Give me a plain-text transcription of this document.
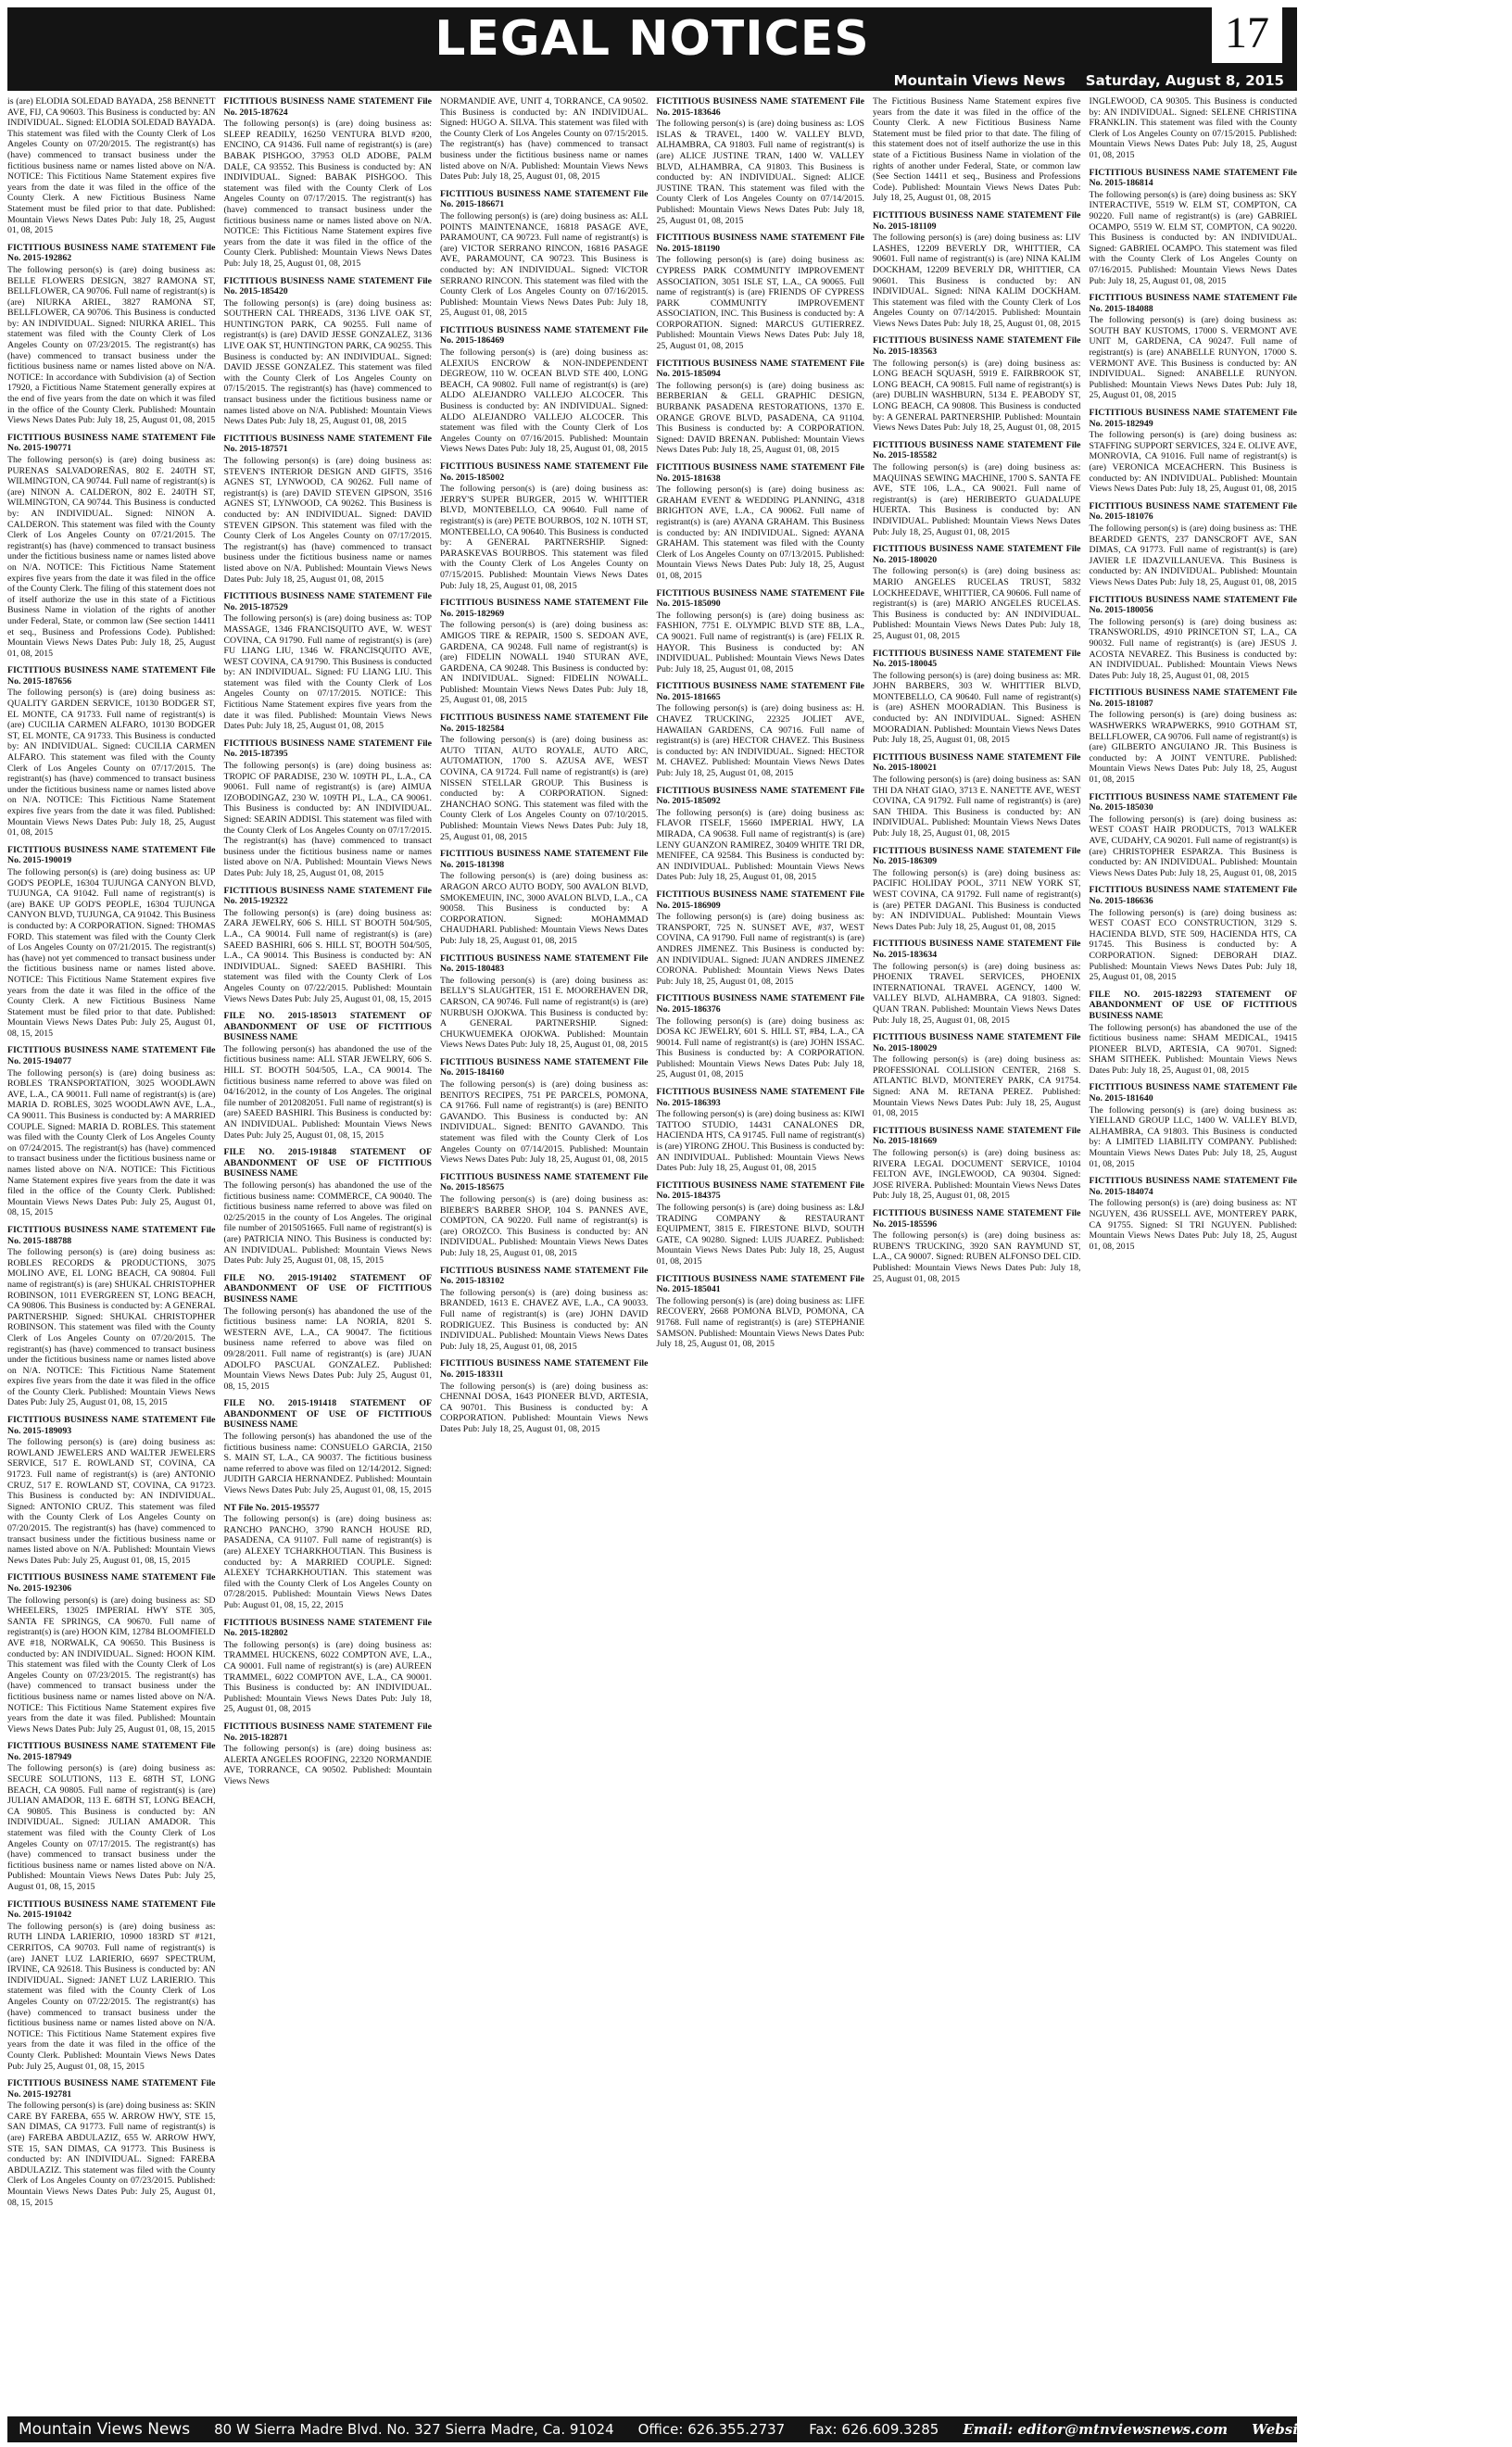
LEGAL NOTICES	17
Mountain Views News Saturday, August 8, 2015
is (are) ELODIA SOLEDAD BAYADA, 258 BENNETT AVE, FIJ, CA 90603. This Business is conducted by: AN INDIVIDUAL. Signed: ELODIA SOLEDAD BAYADA. This statement was filed with the County Clerk of Los Angeles County on 07/20/2015. The registrant(s) has (have) commenced to transact business under the fictitious business name or names listed above on N/A. NOTICE: This Fictitious Name Statement expires five years from the date it was filed in the office of the County Clerk. A new Fictitious Business Name Statement must be filed prior to that date. Published: Mountain Views News Dates Pub: July 18, 25, August 01, 08, 2015
FICTITIOUS BUSINESS NAME STATEMENT File No. 2015-192862
The following person(s) is (are) doing business as: BELLE FLOWERS DESIGN, 3827 RAMONA ST, BELLFLOWER, CA 90706. Full name of registrant(s) is (are) NIURKA ARIEL, 3827 RAMONA ST, BELLFLOWER, CA 90706. This Business is conducted by: AN INDIVIDUAL. Signed: NIURKA ARIEL. This statement was filed with the County Clerk of Los Angeles County on 07/23/2015. The registrant(s) has (have) commenced to transact business under the fictitious business name or names listed above on N/A. NOTICE: In accordance with Subdivision (a) of Section 17920, a Fictitious Name Statement generally expires at the end of five years from the date on which it was filed in the office of the County Clerk. Published: Mountain Views News Dates Pub: July 18, 25, August 01, 08, 2015
FICTITIOUS BUSINESS NAME STATEMENT File No. 2015-190771
The following person(s) is (are) doing business as: PURENAS SALVADOREÑAS, 802 E. 240TH ST, WILMINGTON, CA 90744. Full name of registrant(s) is (are) NINON A. CALDERON, 802 E. 240TH ST, WILMINGTON, CA 90744. This Business is conducted by: AN INDIVIDUAL. Signed: NINON A. CALDERON. This statement was filed with the County Clerk of Los Angeles County on 07/21/2015. The registrant(s) has (have) commenced to transact business under the fictitious business name or names listed above on N/A. NOTICE: This Fictitious Name Statement expires five years from the date it was filed in the office of the County Clerk. The filing of this statement does not of itself authorize the use in this state of a Fictitious Business Name in violation of the rights of another under Federal, State, or common law (See section 14411 et seq., Business and Professions Code). Published: Mountain Views News Dates Pub: July 18, 25, August 01, 08, 2015
FICTITIOUS BUSINESS NAME STATEMENT File No. 2015-187656
The following person(s) is (are) doing business as: QUALITY GARDEN SERVICE, 10130 BODGER ST, EL MONTE, CA 91733. Full name of registrant(s) is (are) CUCILIA CARMEN ALFARO, 10130 BODGER ST, EL MONTE, CA 91733. This Business is conducted by: AN INDIVIDUAL. Signed: CUCILIA CARMEN ALFARO. This statement was filed with the County Clerk of Los Angeles County on 07/17/2015. The registrant(s) has (have) commenced to transact business under the fictitious business name or names listed above on N/A. NOTICE: This Fictitious Name Statement expires five years from the date it was filed. Published: Mountain Views News Dates Pub: July 18, 25, August 01, 08, 2015
FICTITIOUS BUSINESS NAME STATEMENT File No. 2015-190019
The following person(s) is (are) doing business as: UP GOD'S PEOPLE, 16304 TUJUNGA CANYON BLVD, TUJUNGA, CA 91042. Full name of registrant(s) is (are) BAKE UP GOD'S PEOPLE, 16304 TUJUNGA CANYON BLVD, TUJUNGA, CA 91042. This Business is conducted by: A CORPORATION. Signed: THOMAS FORD. This statement was filed with the County Clerk of Los Angeles County on 07/21/2015. The registrant(s) has (have) not yet commenced to transact business under the fictitious business name or names listed above. NOTICE: This Fictitious Name Statement expires five years from the date it was filed in the office of the County Clerk. A new Fictitious Business Name Statement must be filed prior to that date. Published: Mountain Views News Dates Pub: July 25, August 01, 08, 15, 2015
FICTITIOUS BUSINESS NAME STATEMENT File No. 2015-194077
The following person(s) is (are) doing business as: ROBLES TRANSPORTATION, 3025 WOODLAWN AVE, L.A., CA 90011. Full name of registrant(s) is (are) MARIA D. ROBLES, 3025 WOODLAWN AVE, L.A., CA 90011. This Business is conducted by: A MARRIED COUPLE. Signed: MARIA D. ROBLES. This statement was filed with the County Clerk of Los Angeles County on 07/24/2015. The registrant(s) has (have) commenced to transact business under the fictitious business name or names listed above on N/A. NOTICE: This Fictitious Name Statement expires five years from the date it was filed in the office of the County Clerk. Published: Mountain Views News Dates Pub: July 25, August 01, 08, 15, 2015
FICTITIOUS BUSINESS NAME STATEMENT File No. 2015-188788
The following person(s) is (are) doing business as: ROBLES RECORDS & PRODUCTIONS, 3075 MOLINO AVE, EL LONG BEACH, CA 90804. Full name of registrant(s) is (are) SHUKAL CHRISTOPHER ROBINSON, 1011 EVERGREEN ST, LONG BEACH, CA 90806. This Business is conducted by: A GENERAL PARTNERSHIP. Signed: SHUKAL CHRISTOPHER ROBINSON. This statement was filed with the County Clerk of Los Angeles County on 07/20/2015. The registrant(s) has (have) commenced to transact business under the fictitious business name or names listed above on N/A. NOTICE: This Fictitious Name Statement expires five years from the date it was filed in the office of the County Clerk. Published: Mountain Views News Dates Pub: July 25, August 01, 08, 15, 2015
FICTITIOUS BUSINESS NAME STATEMENT File No. 2015-189093
The following person(s) is (are) doing business as: ROWLAND JEWELERS AND WALTER JEWELERS SERVICE, 517 E. ROWLAND ST, COVINA, CA 91723. Full name of registrant(s) is (are) ANTONIO CRUZ, 517 E. ROWLAND ST, COVINA, CA 91723. This Business is conducted by: AN INDIVIDUAL. Signed: ANTONIO CRUZ. This statement was filed with the County Clerk of Los Angeles County on 07/20/2015. The registrant(s) has (have) commenced to transact business under the fictitious business name or names listed above on N/A. Published: Mountain Views News Dates Pub: July 25, August 01, 08, 15, 2015
FICTITIOUS BUSINESS NAME STATEMENT File No. 2015-192306
The following person(s) is (are) doing business as: SD WHEELERS, 13025 IMPERIAL HWY STE 305, SANTA FE SPRINGS, CA 90670. Full name of registrant(s) is (are) HOON KIM, 12784 BLOOMFIELD AVE #18, NORWALK, CA 90650. This Business is conducted by: AN INDIVIDUAL. Signed: HOON KIM. This statement was filed with the County Clerk of Los Angeles County on 07/23/2015. The registrant(s) has (have) commenced to transact business under the fictitious business name or names listed above on N/A. NOTICE: This Fictitious Name Statement expires five years from the date it was filed. Published: Mountain Views News Dates Pub: July 25, August 01, 08, 15, 2015
FICTITIOUS BUSINESS NAME STATEMENT File No. 2015-187949
The following person(s) is (are) doing business as: SECURE SOLUTIONS, 113 E. 68TH ST, LONG BEACH, CA 90805. Full name of registrant(s) is (are) JULIAN AMADOR, 113 E. 68TH ST, LONG BEACH, CA 90805. This Business is conducted by: AN INDIVIDUAL. Signed: JULIAN AMADOR. This statement was filed with the County Clerk of Los Angeles County on 07/17/2015. The registrant(s) has (have) commenced to transact business under the fictitious business name or names listed above on N/A. Published: Mountain Views News Dates Pub: July 25, August 01, 08, 15, 2015
FICTITIOUS BUSINESS NAME STATEMENT File No. 2015-191042
The following person(s) is (are) doing business as: RUTH LINDA LARIERIO, 10900 183RD ST #121, CERRITOS, CA 90703. Full name of registrant(s) is (are) JANET LUZ LARIERIO, 6697 SPECTRUM, IRVINE, CA 92618. This Business is conducted by: AN INDIVIDUAL. Signed: JANET LUZ LARIERIO. This statement was filed with the County Clerk of Los Angeles County on 07/22/2015. The registrant(s) has (have) commenced to transact business under the fictitious business name or names listed above on N/A. NOTICE: This Fictitious Name Statement expires five years from the date it was filed in the office of the County Clerk. Published: Mountain Views News Dates Pub: July 25, August 01, 08, 15, 2015
FICTITIOUS BUSINESS NAME STATEMENT File No. 2015-192781
The following person(s) is (are) doing business as: SKIN CARE BY FAREBA, 655 W. ARROW HWY, STE 15, SAN DIMAS, CA 91773. Full name of registrant(s) is (are) FAREBA ABDULAZIZ, 655 W. ARROW HWY, STE 15, SAN DIMAS, CA 91773. This Business is conducted by: AN INDIVIDUAL. Signed: FAREBA ABDULAZIZ. This statement was filed with the County Clerk of Los Angeles County on 07/23/2015. Published: Mountain Views News Dates Pub: July 25, August 01, 08, 15, 2015
FICTITIOUS BUSINESS NAME STATEMENT File No. 2015-187624
The following person(s) is (are) doing business as: SLEEP READILY, 16250 VENTURA BLVD #200, ENCINO, CA 91436. Full name of registrant(s) is (are) BABAK PISHGOO, 37953 OLD ADOBE, PALM DALE, CA 93552. This Business is conducted by: AN INDIVIDUAL. Signed: BABAK PISHGOO. This statement was filed with the County Clerk of Los Angeles County on 07/17/2015. The registrant(s) has (have) commenced to transact business under the fictitious business name or names listed above on N/A. NOTICE: This Fictitious Name Statement expires five years from the date it was filed in the office of the County Clerk. Published: Mountain Views News Dates Pub: July 18, 25, August 01, 08, 2015
FICTITIOUS BUSINESS NAME STATEMENT File No. 2015-185420
The following person(s) is (are) doing business as: SOUTHERN CAL THREADS, 3136 LIVE OAK ST, HUNTINGTON PARK, CA 90255. Full name of registrant(s) is (are) DAVID JESSE GONZALEZ, 3136 LIVE OAK ST, HUNTINGTON PARK, CA 90255. This Business is conducted by: AN INDIVIDUAL. Signed: DAVID JESSE GONZALEZ. This statement was filed with the County Clerk of Los Angeles County on 07/15/2015. The registrant(s) has (have) commenced to transact business under the fictitious business name or names listed above on N/A. Published: Mountain Views News Dates Pub: July 18, 25, August 01, 08, 2015
FICTITIOUS BUSINESS NAME STATEMENT File No. 2015-187571
The following person(s) is (are) doing business as: STEVEN'S INTERIOR DESIGN AND GIFTS, 3516 AGNES ST, LYNWOOD, CA 90262. Full name of registrant(s) is (are) DAVID STEVEN GIPSON, 3516 AGNES ST, LYNWOOD, CA 90262. This Business is conducted by: AN INDIVIDUAL. Signed: DAVID STEVEN GIPSON. This statement was filed with the County Clerk of Los Angeles County on 07/17/2015. The registrant(s) has (have) commenced to transact business under the fictitious business name or names listed above on N/A. Published: Mountain Views News Dates Pub: July 18, 25, August 01, 08, 2015
FICTITIOUS BUSINESS NAME STATEMENT File No. 2015-187529
The following person(s) is (are) doing business as: TOP MASSAGE, 1346 FRANCISQUITO AVE, W. WEST COVINA, CA 91790. Full name of registrant(s) is (are) FU LIANG LIU, 1346 W. FRANCISQUITO AVE, WEST COVINA, CA 91790. This Business is conducted by: AN INDIVIDUAL. Signed: FU LIANG LIU. This statement was filed with the County Clerk of Los Angeles County on 07/17/2015. NOTICE: This Fictitious Name Statement expires five years from the date it was filed. Published: Mountain Views News Dates Pub: July 18, 25, August 01, 08, 2015
FICTITIOUS BUSINESS NAME STATEMENT File No. 2015-187395
The following person(s) is (are) doing business as: TROPIC OF PARADISE, 230 W. 109TH PL, L.A., CA 90061. Full name of registrant(s) is (are) AIMUA IZOBODINGAZ, 230 W. 109TH PL, L.A., CA 90061. This Business is conducted by: AN INDIVIDUAL. Signed: SEARIN ADDISI. This statement was filed with the County Clerk of Los Angeles County on 07/17/2015. The registrant(s) has (have) commenced to transact business under the fictitious business name or names listed above on N/A. Published: Mountain Views News Dates Pub: July 18, 25, August 01, 08, 2015
FICTITIOUS BUSINESS NAME STATEMENT File No. 2015-192322
The following person(s) is (are) doing business as: ZARA JEWELRY, 606 S. HILL ST BOOTH 504/505, L.A., CA 90014. Full name of registrant(s) is (are) SAEED BASHIRI, 606 S. HILL ST, BOOTH 504/505, L.A., CA 90014. This Business is conducted by: AN INDIVIDUAL. Signed: SAEED BASHIRI. This statement was filed with the County Clerk of Los Angeles County on 07/22/2015. Published: Mountain Views News Dates Pub: July 25, August 01, 08, 15, 2015
FILE NO. 2015-185013 STATEMENT OF ABANDONMENT OF USE OF FICTITIOUS BUSINESS NAME
The following person(s) has abandoned the use of the fictitious business name: ALL STAR JEWELRY, 606 S. HILL ST. BOOTH 504/505, L.A., CA 90014. The fictitious business name referred to above was filed on 04/16/2012, in the county of Los Angeles. The original file number of 2012082051. Full name of registrant(s) is (are) SAEED BASHIRI. This Business is conducted by: AN INDIVIDUAL. Published: Mountain Views News Dates Pub: July 25, August 01, 08, 15, 2015
FILE NO. 2015-191848 STATEMENT OF ABANDONMENT OF USE OF FICTITIOUS BUSINESS NAME
The following person(s) has abandoned the use of the fictitious business name: COMMERCE, CA 90040. The fictitious business name referred to above was filed on 02/25/2015 in the county of Los Angeles. The original file number of 2015051665. Full name of registrant(s) is (are) PATRICIA NINO. This Business is conducted by: AN INDIVIDUAL. Published: Mountain Views News Dates Pub: July 25, August 01, 08, 15, 2015
FILE NO. 2015-191402 STATEMENT OF ABANDONMENT OF USE OF FICTITIOUS BUSINESS NAME
The following person(s) has abandoned the use of the fictitious business name: LA NORIA, 8201 S. WESTERN AVE, L.A., CA 90047. The fictitious business name referred to above was filed on 09/28/2011. Full name of registrant(s) is (are) JUAN ADOLFO PASCUAL GONZALEZ. Published: Mountain Views News Dates Pub: July 25, August 01, 08, 15, 2015
FILE NO. 2015-191418 STATEMENT OF ABANDONMENT OF USE OF FICTITIOUS BUSINESS NAME
The following person(s) has abandoned the use of the fictitious business name: CONSUELO GARCIA, 2150 S. MAIN ST, L.A., CA 90037. The fictitious business name referred to above was filed on 12/14/2012. Signed: JUDITH GARCIA HERNANDEZ. Published: Mountain Views News Dates Pub: July 25, August 01, 08, 15, 2015
NT File No. 2015-195577
The following person(s) is (are) doing business as: RANCHO PANCHO, 3790 RANCH HOUSE RD, PASADENA, CA 91107. Full name of registrant(s) is (are) ALEXEY TCHARKHOUTIAN. This Business is conducted by: A MARRIED COUPLE. Signed: ALEXEY TCHARKHOUTIAN. This statement was filed with the County Clerk of Los Angeles County on 07/28/2015. Published: Mountain Views News Dates Pub: August 01, 08, 15, 22, 2015
FICTITIOUS BUSINESS NAME STATEMENT File No. 2015-182802
The following person(s) is (are) doing business as: TRAMMEL HUCKENS, 6022 COMPTON AVE, L.A., CA 90001. Full name of registrant(s) is (are) AUREEN TRAMMEL, 6022 COMPTON AVE, L.A., CA 90001. This Business is conducted by: AN INDIVIDUAL. Published: Mountain Views News Dates Pub: July 18, 25, August 01, 08, 2015
FICTITIOUS BUSINESS NAME STATEMENT File No. 2015-182871
The following person(s) is (are) doing business as: ALERTA ANGELES ROOFING, 22320 NORMANDIE AVE, TORRANCE, CA 90502. Published: Mountain Views News
NORMANDIE AVE, UNIT 4, TORRANCE, CA 90502. This Business is conducted by: AN INDIVIDUAL. Signed: HUGO A. SILVA. This statement was filed with the County Clerk of Los Angeles County on 07/15/2015. The registrant(s) has (have) commenced to transact business under the fictitious business name or names listed above on N/A. Published: Mountain Views News Dates Pub: July 18, 25, August 01, 08, 2015
FICTITIOUS BUSINESS NAME STATEMENT File No. 2015-186671
The following person(s) is (are) doing business as: ALL POINTS MAINTENANCE, 16818 PASAGE AVE, PARAMOUNT, CA 90723. Full name of registrant(s) is (are) VICTOR SERRANO RINCON, 16816 PASAGE AVE, PARAMOUNT, CA 90723. This Business is conducted by: AN INDIVIDUAL. Signed: VICTOR SERRANO RINCON. This statement was filed with the County Clerk of Los Angeles County on 07/16/2015. Published: Mountain Views News Dates Pub: July 18, 25, August 01, 08, 2015
FICTITIOUS BUSINESS NAME STATEMENT File No. 2015-186469
The following person(s) is (are) doing business as: ALEXIUS ENCROW & NON-INDEPENDENT DEGREOW, 110 W. OCEAN BLVD STE 400, LONG BEACH, CA 90802. Full name of registrant(s) is (are) ALDO ALEJANDRO VALLEJO ALCOCER. This Business is conducted by: AN INDIVIDUAL. Signed: ALDO ALEJANDRO VALLEJO ALCOCER. This statement was filed with the County Clerk of Los Angeles County on 07/16/2015. Published: Mountain Views News Dates Pub: July 18, 25, August 01, 08, 2015
FICTITIOUS BUSINESS NAME STATEMENT File No. 2015-185002
The following person(s) is (are) doing business as: JERRY'S SUPER BURGER, 2015 W. WHITTIER BLVD, MONTEBELLO, CA 90640. Full name of registrant(s) is (are) PETE BOURBOS, 102 N. 10TH ST, MONTEBELLO, CA 90640. This Business is conducted by: A GENERAL PARTNERSHIP. Signed: PARASKEVAS BOURBOS. This statement was filed with the County Clerk of Los Angeles County on 07/15/2015. Published: Mountain Views News Dates Pub: July 18, 25, August 01, 08, 2015
FICTITIOUS BUSINESS NAME STATEMENT File No. 2015-182969
The following person(s) is (are) doing business as: AMIGOS TIRE & REPAIR, 1500 S. SEDOAN AVE, GARDENA, CA 90248. Full name of registrant(s) is (are) FIDELIN NOWALL 1940 STURAN AVE, GARDENA, CA 90248. This Business is conducted by: AN INDIVIDUAL. Signed: FIDELIN NOWALL. Published: Mountain Views News Dates Pub: July 18, 25, August 01, 08, 2015
FICTITIOUS BUSINESS NAME STATEMENT File No. 2015-182584
The following person(s) is (are) doing business as: AUTO TITAN, AUTO ROYALE, AUTO ARC, AUTOMATION, 1700 S. AZUSA AVE, WEST COVINA, CA 91724. Full name of registrant(s) is (are) NISSEN STELLAR GROUP. This Business is conducted by: A CORPORATION. Signed: ZHANCHAO SONG. This statement was filed with the County Clerk of Los Angeles County on 07/10/2015. Published: Mountain Views News Dates Pub: July 18, 25, August 01, 08, 2015
FICTITIOUS BUSINESS NAME STATEMENT File No. 2015-181398
The following person(s) is (are) doing business as: ARAGON ARCO AUTO BODY, 500 AVALON BLVD, SMOKEMEUIN, INC, 3000 AVALON BLVD, L.A., CA 90058. This Business is conducted by: A CORPORATION. Signed: MOHAMMAD CHAUDHARI. Published: Mountain Views News Dates Pub: July 18, 25, August 01, 08, 2015
FICTITIOUS BUSINESS NAME STATEMENT File No. 2015-180483
The following person(s) is (are) doing business as: BELLY'S SLAUGHTER, 151 E. MOOREHAVEN DR, CARSON, CA 90746. Full name of registrant(s) is (are) NURBUSH OJOKWA. This Business is conducted by: A GENERAL PARTNERSHIP. Signed: CHUKWUEMEKA OJOKWA. Published: Mountain Views News Dates Pub: July 18, 25, August 01, 08, 2015
FICTITIOUS BUSINESS NAME STATEMENT File No. 2015-184160
The following person(s) is (are) doing business as: BENITO'S RECIPES, 751 PE PARCELS, POMONA, CA 91766. Full name of registrant(s) is (are) BENITO GAVANDO. This Business is conducted by: AN INDIVIDUAL. Signed: BENITO GAVANDO. This statement was filed with the County Clerk of Los Angeles County on 07/14/2015. Published: Mountain Views News Dates Pub: July 18, 25, August 01, 08, 2015
FICTITIOUS BUSINESS NAME STATEMENT File No. 2015-185675
The following person(s) is (are) doing business as: BIEBER'S BARBER SHOP, 104 S. PANNES AVE, COMPTON, CA 90220. Full name of registrant(s) is (are) OROZCO. This Business is conducted by: AN INDIVIDUAL. Published: Mountain Views News Dates Pub: July 18, 25, August 01, 08, 2015
FICTITIOUS BUSINESS NAME STATEMENT File No. 2015-183102
The following person(s) is (are) doing business as: BRANDED, 1613 E. CHAVEZ AVE, L.A., CA 90033. Full name of registrant(s) is (are) JOHN DAVID RODRIGUEZ. This Business is conducted by: AN INDIVIDUAL. Published: Mountain Views News Dates Pub: July 18, 25, August 01, 08, 2015
FICTITIOUS BUSINESS NAME STATEMENT File No. 2015-183311
The following person(s) is (are) doing business as: CHENNAI DOSA, 1643 PIONEER BLVD, ARTESIA, CA 90701. This Business is conducted by: A CORPORATION. Published: Mountain Views News Dates Pub: July 18, 25, August 01, 08, 2015
FICTITIOUS BUSINESS NAME STATEMENT File No. 2015-183646
The following person(s) is (are) doing business as: LOS ISLAS & TRAVEL, 1400 W. VALLEY BLVD, ALHAMBRA, CA 91803. Full name of registrant(s) is (are) ALICE JUSTINE TRAN, 1400 W. VALLEY BLVD, ALHAMBRA, CA 91803. This Business is conducted by: AN INDIVIDUAL. Signed: ALICE JUSTINE TRAN. This statement was filed with the County Clerk of Los Angeles County on 07/14/2015. Published: Mountain Views News Dates Pub: July 18, 25, August 01, 08, 2015
FICTITIOUS BUSINESS NAME STATEMENT File No. 2015-181190
The following person(s) is (are) doing business as: CYPRESS PARK COMMUNITY IMPROVEMENT ASSOCIATION, 3051 ISLE ST, L.A., CA 90065. Full name of registrant(s) is (are) FRIENDS OF CYPRESS PARK COMMUNITY IMPROVEMENT ASSOCIATION, INC. This Business is conducted by: A CORPORATION. Signed: MARCUS GUTIERREZ. Published: Mountain Views News Dates Pub: July 18, 25, August 01, 08, 2015
FICTITIOUS BUSINESS NAME STATEMENT File No. 2015-185094
The following person(s) is (are) doing business as: BERBERIAN & GELL GRAPHIC DESIGN, BURBANK PASADENA RESTORATIONS, 1370 E. ORANGE GROVE BLVD, PASADENA, CA 91104. This Business is conducted by: A CORPORATION. Signed: DAVID BRENAN. Published: Mountain Views News Dates Pub: July 18, 25, August 01, 08, 2015
FICTITIOUS BUSINESS NAME STATEMENT File No. 2015-181638
The following person(s) is (are) doing business as: GRAHAM EVENT & WEDDING PLANNING, 4318 BRIGHTON AVE, L.A., CA 90062. Full name of registrant(s) is (are) AYANA GRAHAM. This Business is conducted by: AN INDIVIDUAL. Signed: AYANA GRAHAM. This statement was filed with the County Clerk of Los Angeles County on 07/13/2015. Published: Mountain Views News Dates Pub: July 18, 25, August 01, 08, 2015
FICTITIOUS BUSINESS NAME STATEMENT File No. 2015-185090
The following person(s) is (are) doing business as: FASHION, 7751 E. OLYMPIC BLVD STE 8B, L.A., CA 90021. Full name of registrant(s) is (are) FELIX R. HAYOR. This Business is conducted by: AN INDIVIDUAL. Published: Mountain Views News Dates Pub: July 18, 25, August 01, 08, 2015
FICTITIOUS BUSINESS NAME STATEMENT File No. 2015-181665
The following person(s) is (are) doing business as: H. CHAVEZ TRUCKING, 22325 JOLIET AVE, HAWAIIAN GARDENS, CA 90716. Full name of registrant(s) is (are) HECTOR CHAVEZ. This Business is conducted by: AN INDIVIDUAL. Signed: HECTOR M. CHAVEZ. Published: Mountain Views News Dates Pub: July 18, 25, August 01, 08, 2015
FICTITIOUS BUSINESS NAME STATEMENT File No. 2015-185092
The following person(s) is (are) doing business as: FLAVOR ITSELF, 15660 IMPERIAL HWY, LA MIRADA, CA 90638. Full name of registrant(s) is (are) LENY GUANZON RAMIREZ, 30409 WHITE TRI DR, MENIFEE, CA 92584. This Business is conducted by: AN INDIVIDUAL. Published: Mountain Views News Dates Pub: July 18, 25, August 01, 08, 2015
FICTITIOUS BUSINESS NAME STATEMENT File No. 2015-186909
The following person(s) is (are) doing business as: TRANSPORT, 725 N. SUNSET AVE, #37, WEST COVINA, CA 91790. Full name of registrant(s) is (are) ANDRES JIMENEZ. This Business is conducted by: AN INDIVIDUAL. Signed: JUAN ANDRES JIMENEZ CORONA. Published: Mountain Views News Dates Pub: July 18, 25, August 01, 08, 2015
FICTITIOUS BUSINESS NAME STATEMENT File No. 2015-186376
The following person(s) is (are) doing business as: DOSA KC JEWELRY, 601 S. HILL ST, #B4, L.A., CA 90014. Full name of registrant(s) is (are) JOHN ISSAC. This Business is conducted by: A CORPORATION. Published: Mountain Views News Dates Pub: July 18, 25, August 01, 08, 2015
FICTITIOUS BUSINESS NAME STATEMENT File No. 2015-186393
The following person(s) is (are) doing business as: KIWI TATTOO STUDIO, 14431 CANALONES DR, HACIENDA HTS, CA 91745. Full name of registrant(s) is (are) YIRONG ZHOU. This Business is conducted by: AN INDIVIDUAL. Published: Mountain Views News Dates Pub: July 18, 25, August 01, 08, 2015
FICTITIOUS BUSINESS NAME STATEMENT File No. 2015-184375
The following person(s) is (are) doing business as: L&J TRADING COMPANY & RESTAURANT EQUIPMENT, 3815 E. FIRESTONE BLVD, SOUTH GATE, CA 90280. Signed: LUIS JUAREZ. Published: Mountain Views News Dates Pub: July 18, 25, August 01, 08, 2015
FICTITIOUS BUSINESS NAME STATEMENT File No. 2015-185041
The following person(s) is (are) doing business as: LIFE RECOVERY, 2668 POMONA BLVD, POMONA, CA 91768. Full name of registrant(s) is (are) STEPHANIE SAMSON. Published: Mountain Views News Dates Pub: July 18, 25, August 01, 08, 2015
The Fictitious Business Name Statement expires five years from the date it was filed in the office of the County Clerk. A new Fictitious Business Name Statement must be filed prior to that date. The filing of this statement does not of itself authorize the use in this state of a Fictitious Business Name in violation of the rights of another under Federal, State, or common law (See Section 14411 et seq., Business and Professions Code). Published: Mountain Views News Dates Pub: July 18, 25, August 01, 08, 2015
FICTITIOUS BUSINESS NAME STATEMENT File No. 2015-181109
The following person(s) is (are) doing business as: LIV LASHES, 12209 BEVERLY DR, WHITTIER, CA 90601. Full name of registrant(s) is (are) NINA KALIM DOCKHAM, 12209 BEVERLY DR, WHITTIER, CA 90601. This Business is conducted by: AN INDIVIDUAL. Signed: NINA KALIM DOCKHAM. This statement was filed with the County Clerk of Los Angeles County on 07/14/2015. Published: Mountain Views News Dates Pub: July 18, 25, August 01, 08, 2015
FICTITIOUS BUSINESS NAME STATEMENT File No. 2015-183563
The following person(s) is (are) doing business as: LONG BEACH SQUASH, 5919 E. FAIRBROOK ST, LONG BEACH, CA 90815. Full name of registrant(s) is (are) DUBLIN WASHBURN, 5134 E. PEABODY ST, LONG BEACH, CA 90808. This Business is conducted by: A GENERAL PARTNERSHIP. Published: Mountain Views News Dates Pub: July 18, 25, August 01, 08, 2015
FICTITIOUS BUSINESS NAME STATEMENT File No. 2015-185582
The following person(s) is (are) doing business as: MAQUINAS SEWING MACHINE, 1700 S. SANTA FE AVE, STE 106, L.A., CA 90021. Full name of registrant(s) is (are) HERIBERTO GUADALUPE HUERTA. This Business is conducted by: AN INDIVIDUAL. Published: Mountain Views News Dates Pub: July 18, 25, August 01, 08, 2015
FICTITIOUS BUSINESS NAME STATEMENT File No. 2015-180020
The following person(s) is (are) doing business as: MARIO ANGELES RUCELAS TRUST, 5832 LOCKHEEDAVE, WHITTIER, CA 90606. Full name of registrant(s) is (are) MARIO ANGELES RUCELAS. This Business is conducted by: AN INDIVIDUAL. Published: Mountain Views News Dates Pub: July 18, 25, August 01, 08, 2015
FICTITIOUS BUSINESS NAME STATEMENT File No. 2015-180045
The following person(s) is (are) doing business as: MR. JOHN BARBERS, 303 W. WHITTIER BLVD, MONTEBELLO, CA 90640. Full name of registrant(s) is (are) ASHEN MOORADIAN. This Business is conducted by: AN INDIVIDUAL. Signed: ASHEN MOORADIAN. Published: Mountain Views News Dates Pub: July 18, 25, August 01, 08, 2015
FICTITIOUS BUSINESS NAME STATEMENT File No. 2015-180021
The following person(s) is (are) doing business as: SAN THI DA NHAT GIAO, 3713 E. NANETTE AVE, WEST COVINA, CA 91792. Full name of registrant(s) is (are) SAN THIDA. This Business is conducted by: AN INDIVIDUAL. Published: Mountain Views News Dates Pub: July 18, 25, August 01, 08, 2015
FICTITIOUS BUSINESS NAME STATEMENT File No. 2015-186309
The following person(s) is (are) doing business as: PACIFIC HOLIDAY POOL, 3711 NEW YORK ST, WEST COVINA, CA 91792. Full name of registrant(s) is (are) PETER DAGANI. This Business is conducted by: AN INDIVIDUAL. Published: Mountain Views News Dates Pub: July 18, 25, August 01, 08, 2015
FICTITIOUS BUSINESS NAME STATEMENT File No. 2015-183634
The following person(s) is (are) doing business as: PHOENIX TRAVEL SERVICES, PHOENIX INTERNATIONAL TRAVEL AGENCY, 1400 W. VALLEY BLVD, ALHAMBRA, CA 91803. Signed: QUAN TRAN. Published: Mountain Views News Dates Pub: July 18, 25, August 01, 08, 2015
FICTITIOUS BUSINESS NAME STATEMENT File No. 2015-180029
The following person(s) is (are) doing business as: PROFESSIONAL COLLISION CENTER, 2168 S. ATLANTIC BLVD, MONTEREY PARK, CA 91754. Signed: ANA M. RETANA PEREZ. Published: Mountain Views News Dates Pub: July 18, 25, August 01, 08, 2015
FICTITIOUS BUSINESS NAME STATEMENT File No. 2015-181669
The following person(s) is (are) doing business as: RIVERA LEGAL DOCUMENT SERVICE, 10104 FELTON AVE, INGLEWOOD, CA 90304. Signed: JOSE RIVERA. Published: Mountain Views News Dates Pub: July 18, 25, August 01, 08, 2015
FICTITIOUS BUSINESS NAME STATEMENT File No. 2015-185596
The following person(s) is (are) doing business as: RUBEN'S TRUCKING, 3920 SAN RAYMUND ST, L.A., CA 90007. Signed: RUBEN ALFONSO DEL CID. Published: Mountain Views News Dates Pub: July 18, 25, August 01, 08, 2015
INGLEWOOD, CA 90305. This Business is conducted by: AN INDIVIDUAL. Signed: SELENE CHRISTINA FRANKLIN. This statement was filed with the County Clerk of Los Angeles County on 07/15/2015. Published: Mountain Views News Dates Pub: July 18, 25, August 01, 08, 2015
FICTITIOUS BUSINESS NAME STATEMENT File No. 2015-186814
The following person(s) is (are) doing business as: SKY INTERACTIVE, 5519 W. ELM ST, COMPTON, CA 90220. Full name of registrant(s) is (are) GABRIEL OCAMPO, 5519 W. ELM ST, COMPTON, CA 90220. This Business is conducted by: AN INDIVIDUAL. Signed: GABRIEL OCAMPO. This statement was filed with the County Clerk of Los Angeles County on 07/16/2015. Published: Mountain Views News Dates Pub: July 18, 25, August 01, 08, 2015
FICTITIOUS BUSINESS NAME STATEMENT File No. 2015-184088
The following person(s) is (are) doing business as: SOUTH BAY KUSTOMS, 17000 S. VERMONT AVE UNIT M, GARDENA, CA 90247. Full name of registrant(s) is (are) ANABELLE RUNYON, 17000 S. VERMONT AVE. This Business is conducted by: AN INDIVIDUAL. Signed: ANABELLE RUNYON. Published: Mountain Views News Dates Pub: July 18, 25, August 01, 08, 2015
FICTITIOUS BUSINESS NAME STATEMENT File No. 2015-182949
The following person(s) is (are) doing business as: STAFFING SUPPORT SERVICES, 324 E. OLIVE AVE, MONROVIA, CA 91016. Full name of registrant(s) is (are) VERONICA MCEACHERN. This Business is conducted by: AN INDIVIDUAL. Published: Mountain Views News Dates Pub: July 18, 25, August 01, 08, 2015
FICTITIOUS BUSINESS NAME STATEMENT File No. 2015-181076
The following person(s) is (are) doing business as: THE BEARDED GENTS, 237 DANSCROFT AVE, SAN DIMAS, CA 91773. Full name of registrant(s) is (are) JAVIER LE IDAZVILLANUEVA. This Business is conducted by: AN INDIVIDUAL. Published: Mountain Views News Dates Pub: July 18, 25, August 01, 08, 2015
FICTITIOUS BUSINESS NAME STATEMENT File No. 2015-180056
The following person(s) is (are) doing business as: TRANSWORLDS, 4910 PRINCETON ST, L.A., CA 90032. Full name of registrant(s) is (are) JESUS J. ACOSTA NEVAREZ. This Business is conducted by: AN INDIVIDUAL. Published: Mountain Views News Dates Pub: July 18, 25, August 01, 08, 2015
FICTITIOUS BUSINESS NAME STATEMENT File No. 2015-181087
The following person(s) is (are) doing business as: WASHWERKS WRAPWERKS, 9910 GOTHAM ST, BELLFLOWER, CA 90706. Full name of registrant(s) is (are) GILBERTO ANGUIANO JR. This Business is conducted by: A JOINT VENTURE. Published: Mountain Views News Dates Pub: July 18, 25, August 01, 08, 2015
FICTITIOUS BUSINESS NAME STATEMENT File No. 2015-185030
The following person(s) is (are) doing business as: WEST COAST HAIR PRODUCTS, 7013 WALKER AVE, CUDAHY, CA 90201. Full name of registrant(s) is (are) CHRISTOPHER ESPARZA. This Business is conducted by: AN INDIVIDUAL. Published: Mountain Views News Dates Pub: July 18, 25, August 01, 08, 2015
FICTITIOUS BUSINESS NAME STATEMENT File No. 2015-186636
The following person(s) is (are) doing business as: WEST COAST ECO CONSTRUCTION, 3129 S. HACIENDA BLVD, STE 509, HACIENDA HTS, CA 91745. This Business is conducted by: A CORPORATION. Signed: DEBORAH DIAZ. Published: Mountain Views News Dates Pub: July 18, 25, August 01, 08, 2015
FILE NO. 2015-182293 STATEMENT OF ABANDONMENT OF USE OF FICTITIOUS BUSINESS NAME
The following person(s) has abandoned the use of the fictitious business name: SHAM MEDICAL, 19415 PIONEER BLVD, ARTESIA, CA 90701. Signed: SHAM SITHEEK. Published: Mountain Views News Dates Pub: July 18, 25, August 01, 08, 2015
FICTITIOUS BUSINESS NAME STATEMENT File No. 2015-181640
The following person(s) is (are) doing business as: YIELLAND GROUP LLC, 1400 W. VALLEY BLVD, ALHAMBRA, CA 91803. This Business is conducted by: A LIMITED LIABILITY COMPANY. Published: Mountain Views News Dates Pub: July 18, 25, August 01, 08, 2015
FICTITIOUS BUSINESS NAME STATEMENT File No. 2015-184074
The following person(s) is (are) doing business as: NT NGUYEN, 436 RUSSELL AVE, MONTEREY PARK, CA 91755. Signed: SI TRI NGUYEN. Published: Mountain Views News Dates Pub: July 18, 25, August 01, 08, 2015
Mountain Views News 80 W Sierra Madre Blvd. No. 327 Sierra Madre, Ca. 91024 Office: 626.355.2737 Fax: 626.609.3285 Email: editor@mtnviewsnews.com Website: www.mtnviewsnews.com
